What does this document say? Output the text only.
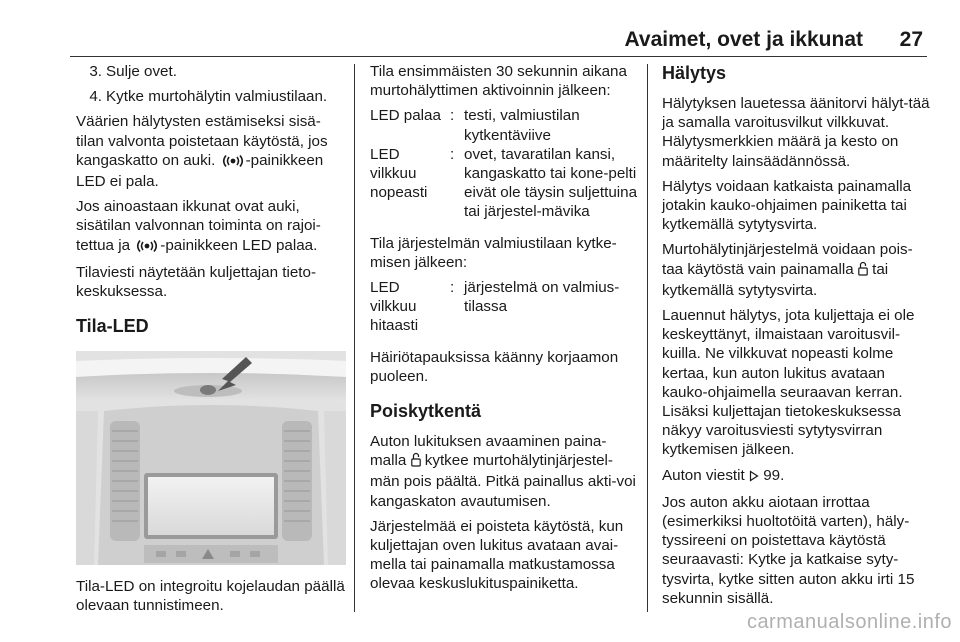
Avaimet, ovet ja ikkunat 27
3. Sulje ovet.
4. Kytke murtohälytin valmiustilaan.

Väärien hälytysten estämiseksi sisä-tilan valvonta poistetaan käytöstä, jos kangaskatto on auki. -painikkeen LED ei pala.

Jos ainoastaan ikkunat ovat auki, sisätilan valvonnan toiminta on rajoi-tettua ja -painikkeen LED palaa.

Tilaviesti näytetään kuljettajan tieto-keskuksessa.

Tila-LED

Tila-LED on integroitu kojelaudan päällä olevaan tunnistimeen.

Tila ensimmäisten 30 sekunnin aikana murtohälyttimen aktivoinnin jälkeen:

LED palaa : testi, valmiustilan kytkentäviive
LED vilkkuu nopeasti
: ovet, tavaratilan kansi, kangaskatto tai kone-pelti eivät ole täysin suljettuina tai järjestel-mävika

Tila järjestelmän valmiustilaan kytke-misen jälkeen:

LED vilkkuu hitaasti
: järjestelmä on valmius-tilassa

Häiriötapauksissa käänny korjaamon puoleen.

Poiskytkentä

Auton lukituksen avaaminen paina-malla kytkee murtohälytinjärjestel-män pois päältä. Pitkä painallus akti-voi kangaskaton avautumisen.

Järjestelmää ei poisteta käytöstä, kun kuljettajan oven lukitus avataan avai-mella tai painamalla matkustamossa olevaa keskuslukituspainiketta.

Hälytys

Hälytyksen lauetessa äänitorvi hälyt-tää ja samalla varoitusvilkut vilkkuvat. Hälytysmerkkien määrä ja kesto on määritelty lainsäädännössä.

Hälytys voidaan katkaista painamalla jotakin kauko-ohjaimen painiketta tai kytkemällä sytytysvirta.

Murtohälytinjärjestelmä voidaan pois-taa käytöstä vain painamalla tai kytkemällä sytytysvirta.

Lauennut hälytys, jota kuljettaja ei ole keskeyttänyt, ilmaistaan varoitusvil-kuilla. Ne vilkkuvat nopeasti kolme kertaa, kun auton lukitus avataan kauko-ohjaimella seuraavan kerran. Lisäksi kuljettajan tietokeskuksessa näkyy varoitusviesti sytytysvirran kytkemisen jälkeen.

Auton viestit 99.

Jos auton akku aiotaan irrottaa (esimerkiksi huoltotöitä varten), häly-tyssireeni on poistettava käytöstä seuraavasti: Kytke ja katkaise syty-tysvirta, kytke sitten auton akku irti 15 sekunnin sisällä.

carmanualsonline.info
